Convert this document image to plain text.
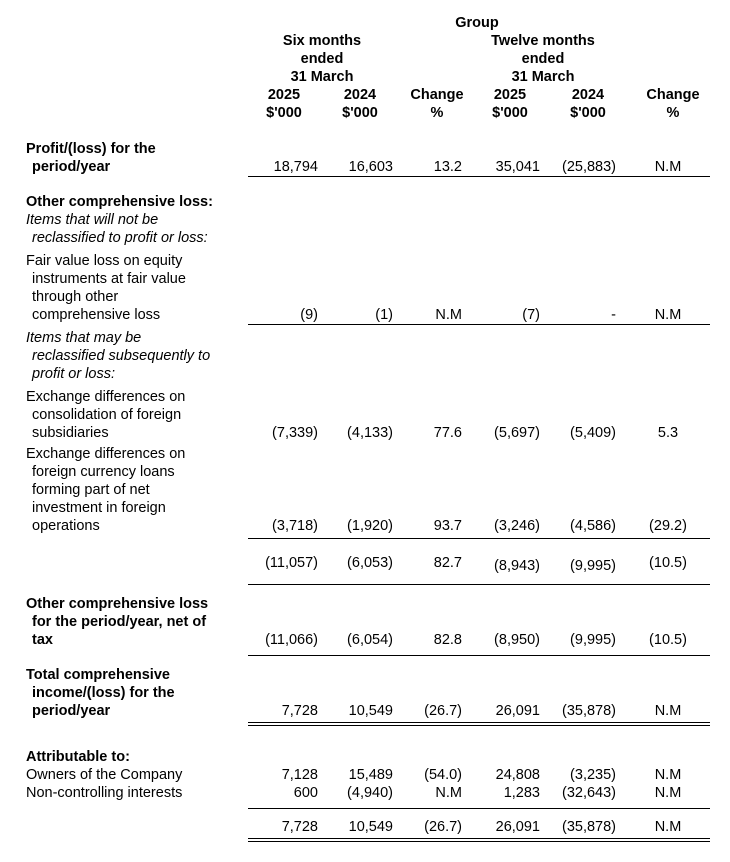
Group
Six months
ended
31 March
Twelve months
ended
31 March
2025	2024	Change	2025	2024	Change
$'000	$'000	%	$'000	$'000	%
Profit/(loss) for the
period/year	18,794	16,603	13.2	35,041	(25,883)	N.M
Other comprehensive loss:
Items that will not be
reclassified to profit or loss:
Fair value loss on equity
instruments at fair value
through other
comprehensive loss	(9)	(1)	N.M	(7)	-	N.M
Items that may be
reclassified subsequently to
profit or loss:
Exchange differences on
consolidation of foreign
subsidiaries	(7,339)	(4,133)	77.6	(5,697)	(5,409)	5.3
Exchange differences on
foreign currency loans
forming part of net
investment in foreign
operations	(3,718)	(1,920)	93.7	(3,246)	(4,586)	(29.2)
(11,057)	(6,053)	82.7	(8,943)	(9,995)	(10.5)
Other comprehensive loss
for the period/year, net of
tax	(11,066)	(6,054)	82.8	(8,950)	(9,995)	(10.5)
Total comprehensive
income/(loss) for the
period/year	7,728	10,549	(26.7)	26,091	(35,878)	N.M
Attributable to:
Owners of the Company	7,128	15,489	(54.0)	24,808	(3,235)	N.M
Non-controlling interests	600	(4,940)	N.M	1,283	(32,643)	N.M
7,728	10,549	(26.7)	26,091	(35,878)	N.M
